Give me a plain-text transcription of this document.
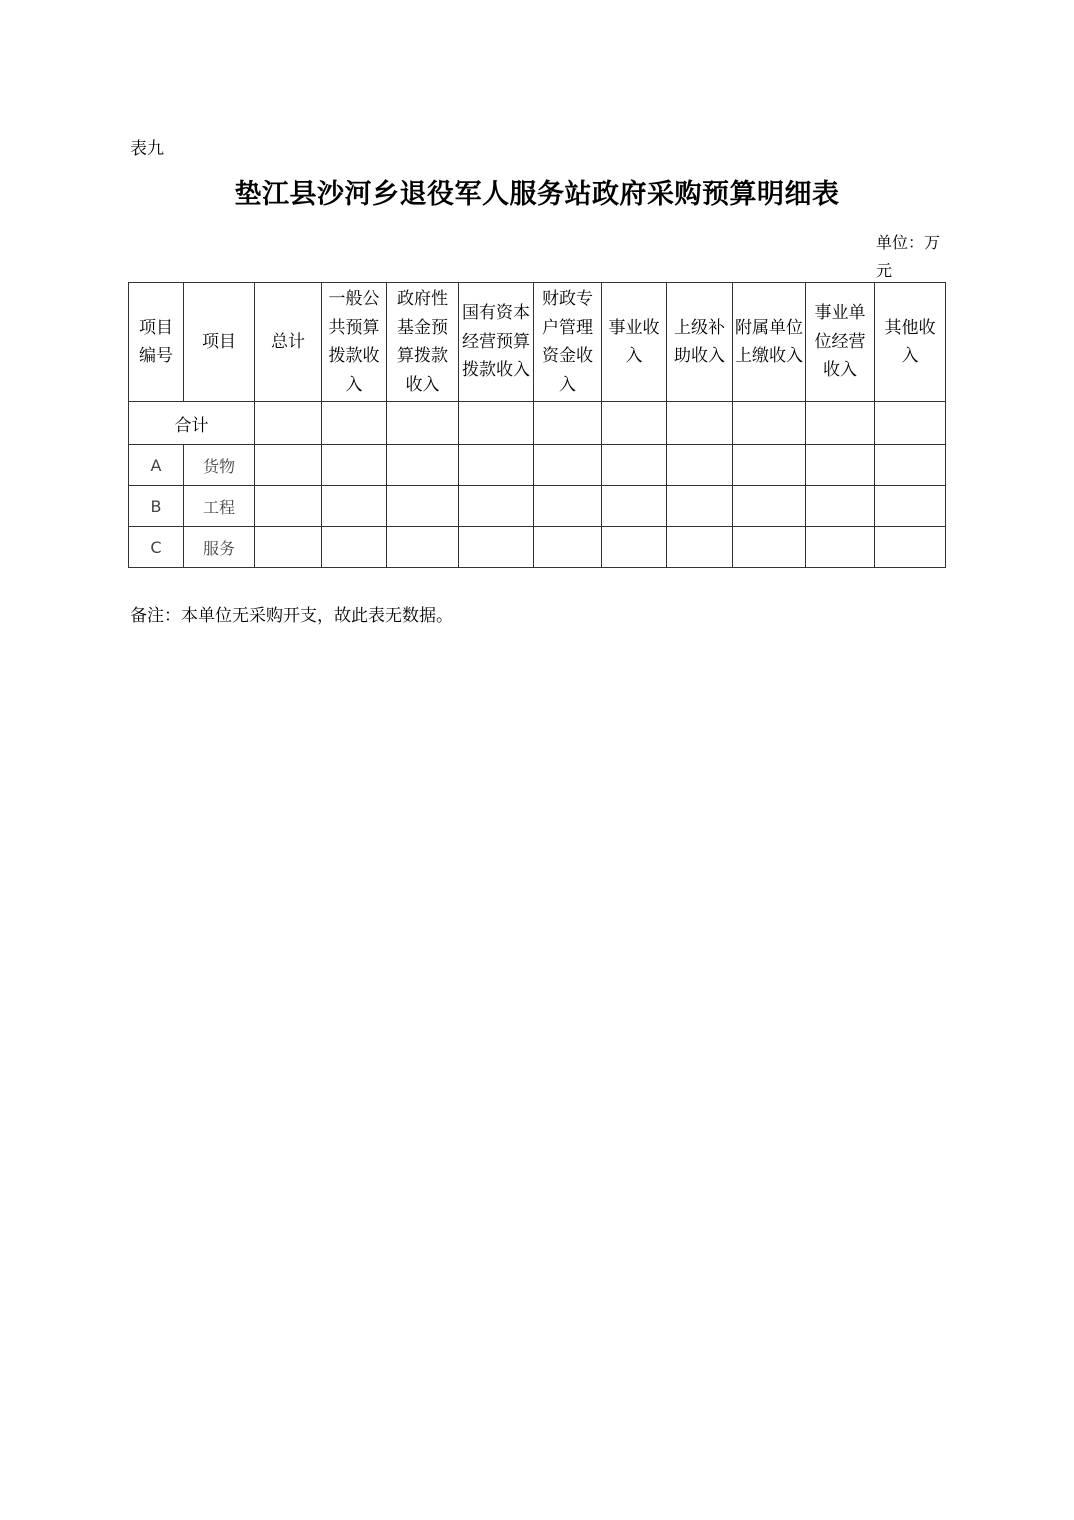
表九
垫江县沙河乡退役军人服务站政府采购预算明细表
单位：万元
项目编号	项目	总计	一般公共预算拨款收入	政府性基金预算拨款收入	国有资本经营预算拨款收入	财政专户管理资金收入	事业收入	上级补助收入	附属单位上缴收入	事业单位经营收入	其他收入
合计											
A	货物										
B	工程										
C	服务										
备注：本单位无采购开支，故此表无数据。
